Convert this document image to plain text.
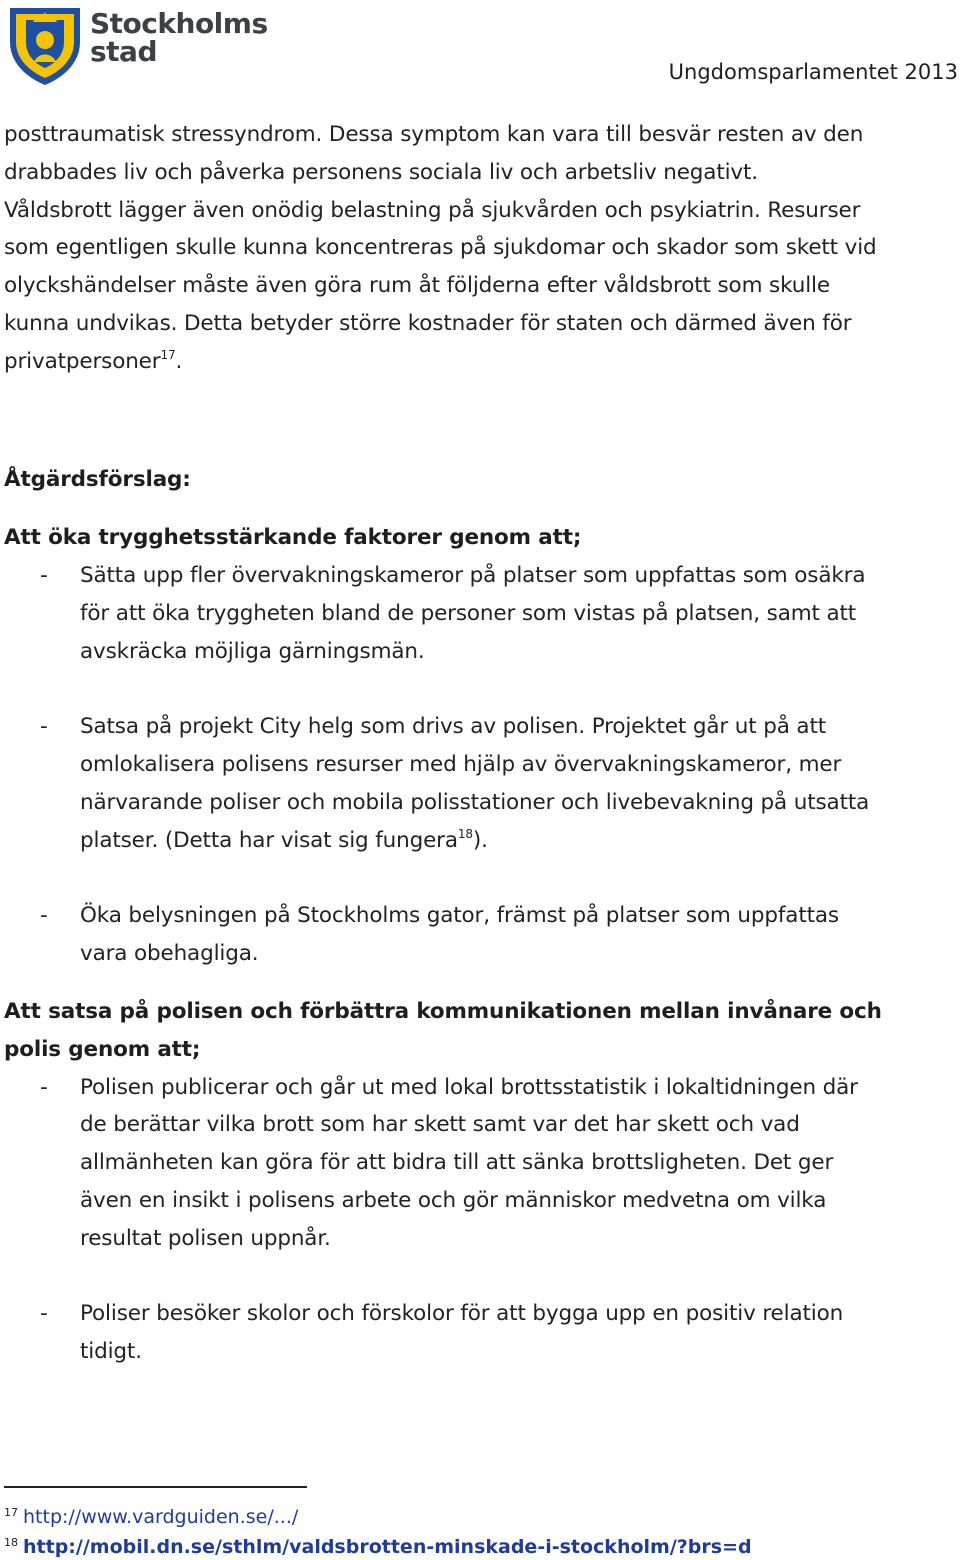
Stockholms
stad
Ungdomsparlamentet 2013

posttraumatisk stressyndrom. Dessa symptom kan vara till besvär resten av den
drabbades liv och påverka personens sociala liv och arbetsliv negativt.
Våldsbrott lägger även onödig belastning på sjukvården och psykiatrin. Resurser
som egentligen skulle kunna koncentreras på sjukdomar och skador som skett vid
olyckshändelser måste även göra rum åt följderna efter våldsbrott som skulle
kunna undvikas. Detta betyder större kostnader för staten och därmed även för
privatpersoner$^{17}$.

Åtgärdsförslag:
Att öka trygghetsstärkande faktorer genom att;
- Sätta upp fler övervakningskameror på platser som uppfattas som osäkra
för att öka tryggheten bland de personer som vistas på platsen, samt att
avskräcka möjliga gärningsmän.
- Satsa på projekt City helg som drivs av polisen. Projektet går ut på att
omlokalisera polisens resurser med hjälp av övervakningskameror, mer
närvarande poliser och mobila polisstationer och livebevakning på utsatta
platser. (Detta har visat sig fungera$^{18}$).
- Öka belysningen på Stockholms gator, främst på platser som uppfattas
vara obehagliga.
Att satsa på polisen och förbättra kommunikationen mellan invånare och
polis genom att;
- Polisen publicerar och går ut med lokal brottsstatistik i lokaltidningen där
de berättar vilka brott som har skett samt var det har skett och vad
allmänheten kan göra för att bidra till att sänka brottsligheten. Det ger
även en insikt i polisens arbete och gör människor medvetna om vilka
resultat polisen uppnår.
- Poliser besöker skolor och förskolor för att bygga upp en positiv relation
tidigt.
$^{17}$ http://www.vardguiden.se/.../
$^{18}$ http://mobil.dn.se/sthlm/valdsbrotten-minskade-i-stockholm/?brs=d
